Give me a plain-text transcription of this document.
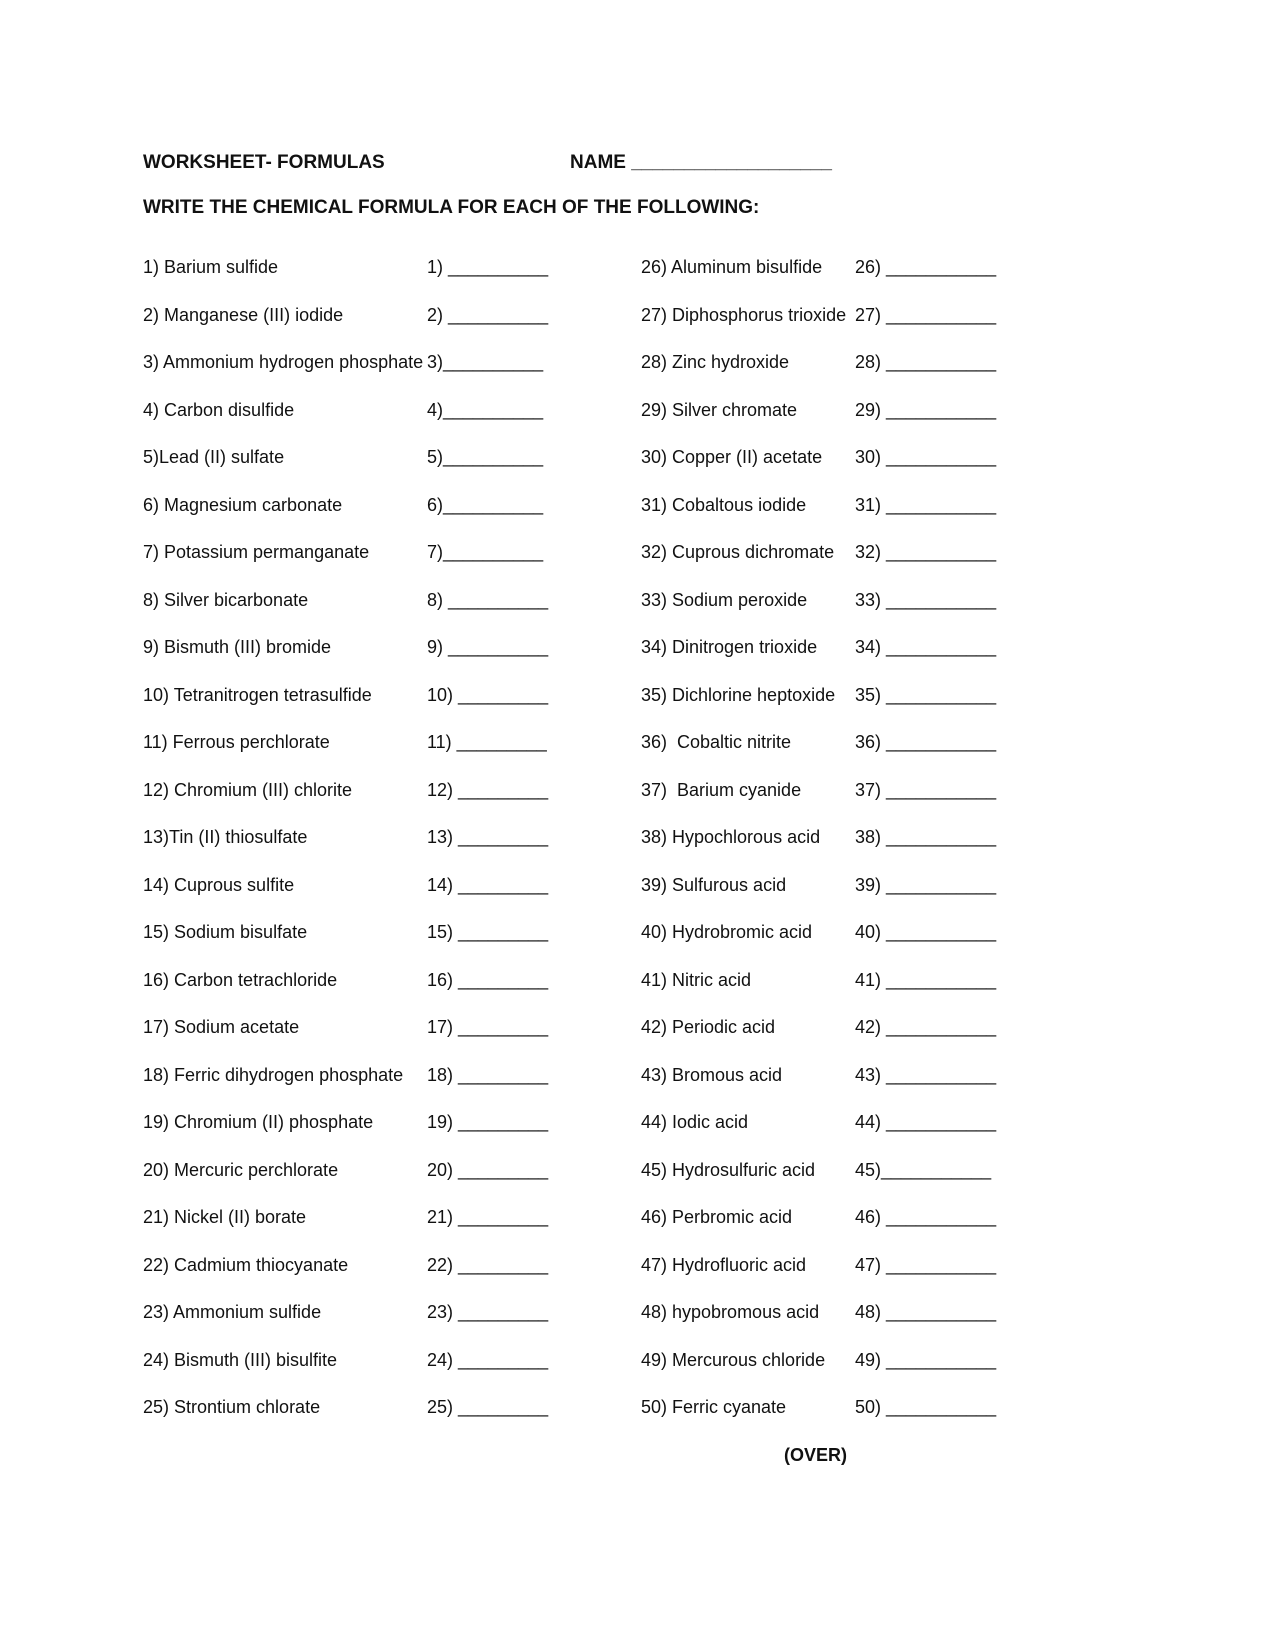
WORKSHEET- FORMULAS	NAME ___________________
WRITE THE CHEMICAL FORMULA FOR EACH OF THE FOLLOWING:
1) Barium sulfide	1) __________
2) Manganese (III) iodide	2) __________
3) Ammonium hydrogen phosphate 3)__________
4) Carbon disulfide	4)__________
5)Lead (II) sulfate	5)__________
6) Magnesium carbonate	6)__________
7) Potassium permanganate	7)__________
8) Silver bicarbonate	8) __________
9) Bismuth (III) bromide	9) __________
10) Tetranitrogen tetrasulfide	10) _________
11) Ferrous perchlorate	11) _________
12) Chromium (III) chlorite	12) _________
13)Tin (II) thiosulfate	13) _________
14) Cuprous sulfite	14) _________
15) Sodium bisulfate	15) _________
16) Carbon tetrachloride	16) _________
17) Sodium acetate	17) _________
18) Ferric dihydrogen phosphate 18) _________
19) Chromium (II) phosphate	19) _________
20) Mercuric perchlorate	20) _________
21) Nickel (II) borate	21) _________
22) Cadmium thiocyanate	22) _________
23) Ammonium sulfide	23) _________
24) Bismuth (III) bisulfite	24) _________
25) Strontium chlorate	25) _________
26) Aluminum bisulfide 26) ___________
27) Diphosphorus trioxide 27) ___________
28) Zinc hydroxide	28) ___________
29) Silver chromate	29) ___________
30) Copper (II) acetate 30) ___________
31) Cobaltous iodide	31) ___________
32) Cuprous dichromate 32) ___________
33) Sodium peroxide	33) ___________
34) Dinitrogen trioxide 34) ___________
35) Dichlorine heptoxide 35) ___________
36)  Cobaltic nitrite	36) ___________
37)  Barium cyanide	37) ___________
38) Hypochlorous acid 38) ___________
39) Sulfurous acid	39) ___________
40) Hydrobromic acid 40) ___________
41) Nitric acid	41) ___________
42) Periodic acid	42) ___________
43) Bromous acid	43) ___________
44) Iodic acid	44) ___________
45) Hydrosulfuric acid 45)___________
46) Perbromic acid	46) ___________
47) Hydrofluoric acid	47) ___________
48) hypobromous acid 48) ___________
49) Mercurous chloride 49) ___________
50) Ferric cyanate	50) ___________
(OVER)
